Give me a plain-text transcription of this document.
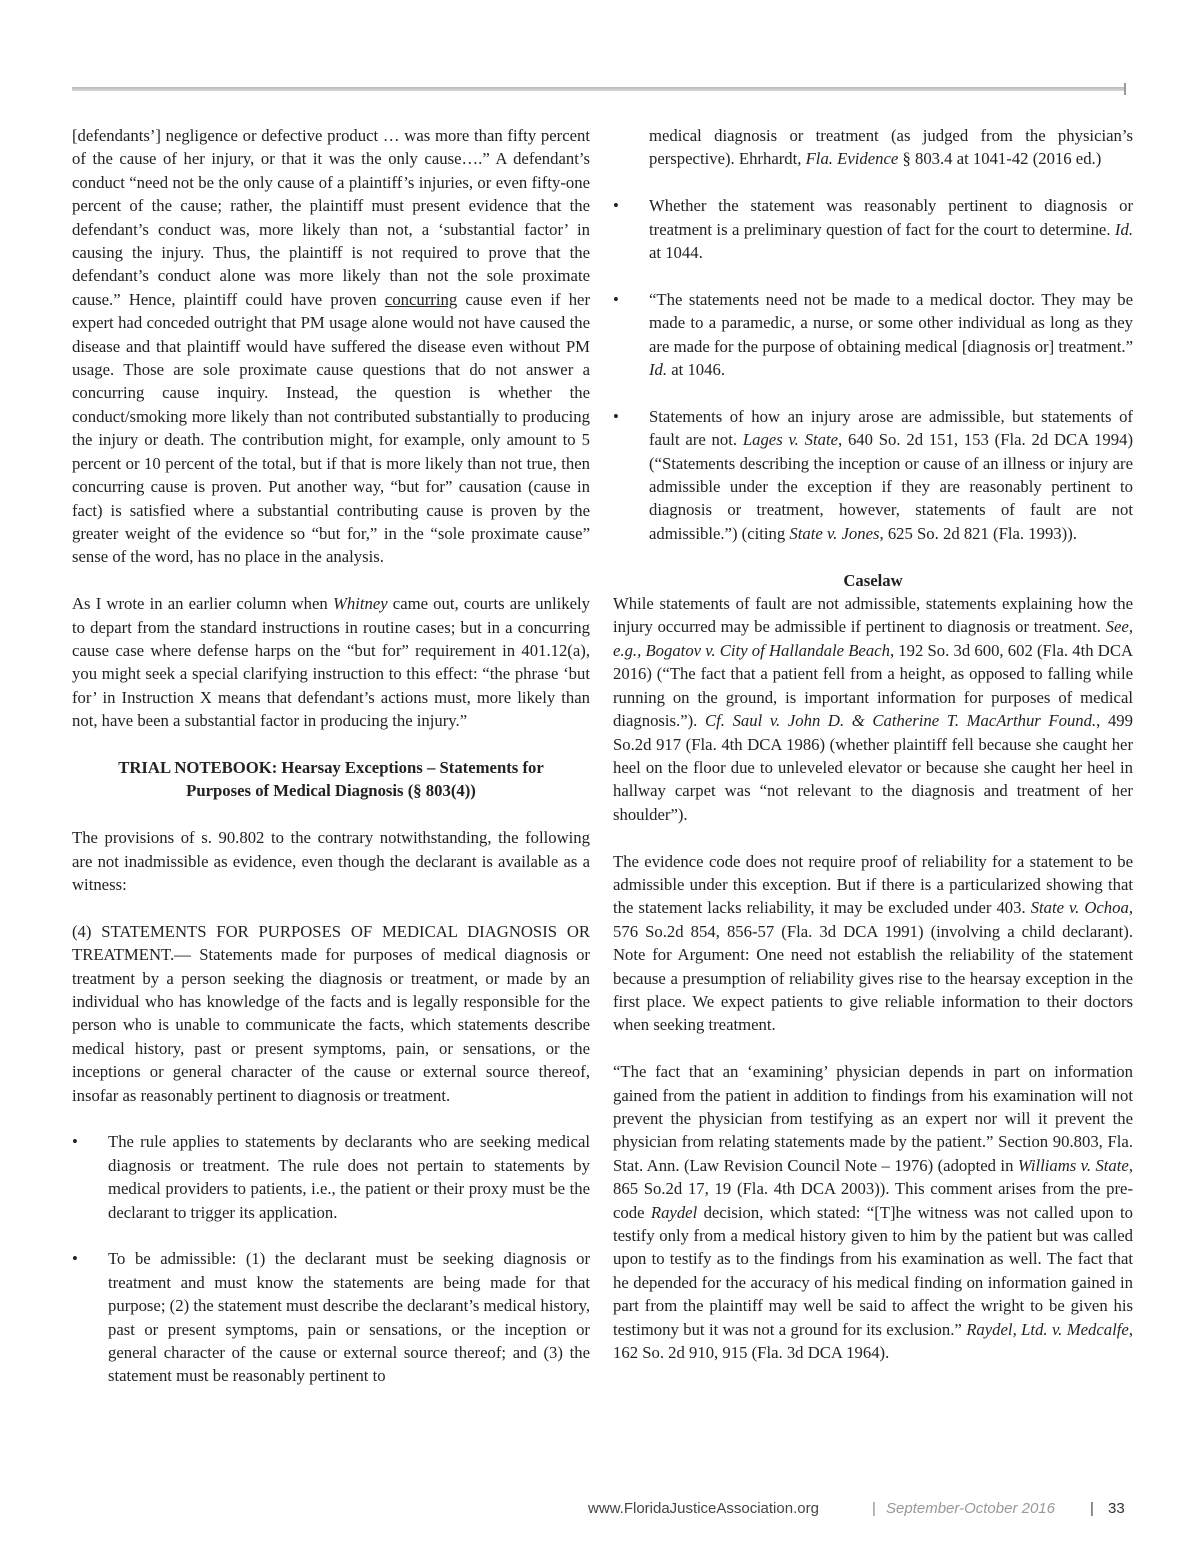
[defendants’] negligence or defective product … was more than fifty percent of the cause of her injury, or that it was the only cause….” A defendant’s conduct “need not be the only cause of a plaintiff’s injuries, or even fifty-one percent of the cause; rather, the plaintiff must present evidence that the defendant’s conduct was, more likely than not, a ‘substantial factor’ in causing the injury. Thus, the plaintiff is not required to prove that the defendant’s conduct alone was more likely than not the sole proximate cause.” Hence, plaintiff could have proven concurring cause even if her expert had conceded outright that PM usage alone would not have caused the disease and that plaintiff would have suffered the disease even without PM usage. Those are sole proximate cause questions that do not answer a concurring cause inquiry. Instead, the question is whether the conduct/smoking more likely than not contributed substantially to producing the injury or death. The contribution might, for example, only amount to 5 percent or 10 percent of the total, but if that is more likely than not true, then concurring cause is proven. Put another way, “but for” causation (cause in fact) is satisfied where a substantial contributing cause is proven by the greater weight of the evidence so “but for,” in the “sole proximate cause” sense of the word, has no place in the analysis.

As I wrote in an earlier column when Whitney came out, courts are unlikely to depart from the standard instructions in routine cases; but in a concurring cause case where defense harps on the “but for” requirement in 401.12(a), you might seek a special clarifying instruction to this effect: “the phrase ‘but for’ in Instruction X means that defendant’s actions must, more likely than not, have been a substantial factor in producing the injury.”

TRIAL NOTEBOOK: Hearsay Exceptions – Statements for
Purposes of Medical Diagnosis (§ 803(4))

The provisions of s. 90.802 to the contrary notwithstanding, the following are not inadmissible as evidence, even though the declarant is available as a witness:

(4) STATEMENTS FOR PURPOSES OF MEDICAL DIAGNOSIS OR TREATMENT.— Statements made for purposes of medical diagnosis or treatment by a person seeking the diagnosis or treatment, or made by an individual who has knowledge of the facts and is legally responsible for the person who is unable to communicate the facts, which statements describe medical history, past or present symptoms, pain, or sensations, or the inceptions or general character of the cause or external source thereof, insofar as reasonably pertinent to diagnosis or treatment.

• The rule applies to statements by declarants who are seeking medical diagnosis or treatment. The rule does not pertain to statements by medical providers to patients, i.e., the patient or their proxy must be the declarant to trigger its application.
• To be admissible: (1) the declarant must be seeking diagnosis or treatment and must know the statements are being made for that purpose; (2) the statement must describe the declarant’s medical history, past or present symptoms, pain or sensations, or the inception or general character of the cause or external source thereof; and (3) the statement must be reasonably pertinent to

medical diagnosis or treatment (as judged from the physician’s perspective). Ehrhardt, Fla. Evidence § 803.4 at 1041-42 (2016 ed.)

• Whether the statement was reasonably pertinent to diagnosis or treatment is a preliminary question of fact for the court to determine. Id. at 1044.
• “The statements need not be made to a medical doctor. They may be made to a paramedic, a nurse, or some other individual as long as they are made for the purpose of obtaining medical [diagnosis or] treatment.” Id. at 1046.
• Statements of how an injury arose are admissible, but statements of fault are not. Lages v. State, 640 So. 2d 151, 153 (Fla. 2d DCA 1994) (“Statements describing the inception or cause of an illness or injury are admissible under the exception if they are reasonably pertinent to diagnosis or treatment, however, statements of fault are not admissible.”) (citing State v. Jones, 625 So. 2d 821 (Fla. 1993)).

Caselaw

While statements of fault are not admissible, statements explaining how the injury occurred may be admissible if pertinent to diagnosis or treatment. See, e.g., Bogatov v. City of Hallandale Beach, 192 So. 3d 600, 602 (Fla. 4th DCA 2016) (“The fact that a patient fell from a height, as opposed to falling while running on the ground, is important information for purposes of medical diagnosis.”). Cf. Saul v. John D. & Catherine T. MacArthur Found., 499 So.2d 917 (Fla. 4th DCA 1986) (whether plaintiff fell because she caught her heel on the floor due to unleveled elevator or because she caught her heel in hallway carpet was “not relevant to the diagnosis and treatment of her shoulder”).

The evidence code does not require proof of reliability for a statement to be admissible under this exception. But if there is a particularized showing that the statement lacks reliability, it may be excluded under 403. State v. Ochoa, 576 So.2d 854, 856-57 (Fla. 3d DCA 1991) (involving a child declarant). Note for Argument: One need not establish the reliability of the statement because a presumption of reliability gives rise to the hearsay exception in the first place. We expect patients to give reliable information to their doctors when seeking treatment.

“The fact that an ‘examining’ physician depends in part on information gained from the patient in addition to findings from his examination will not prevent the physician from testifying as an expert nor will it prevent the physician from relating statements made by the patient.” Section 90.803, Fla. Stat. Ann. (Law Revision Council Note – 1976) (adopted in Williams v. State, 865 So.2d 17, 19 (Fla. 4th DCA 2003)). This comment arises from the pre-code Raydel decision, which stated: “[T]he witness was not called upon to testify only from a medical history given to him by the patient but was called upon to testify as to the findings from his examination as well. The fact that he depended for the accuracy of his medical finding on information gained in part from the plaintiff may well be said to affect the wright to be given his testimony but it was not a ground for its exclusion.” Raydel, Ltd. v. Medcalfe, 162 So. 2d 910, 915 (Fla. 3d DCA 1964).

www.FloridaJusticeAssociation.org	| September-October 2016 | 33
